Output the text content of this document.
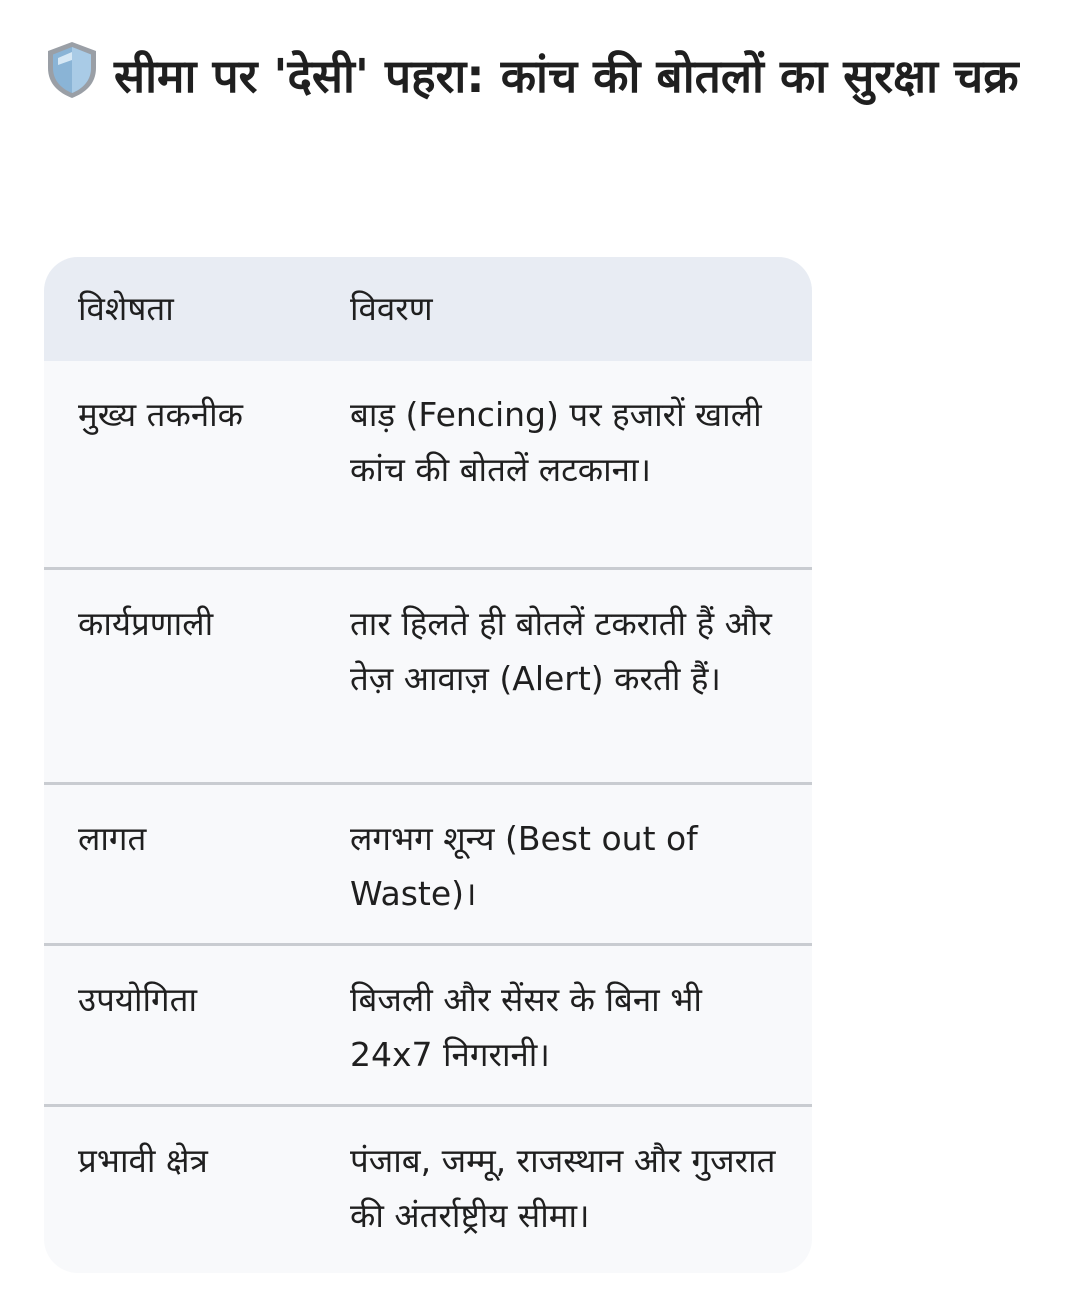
सीमा पर 'देसी' पहरा: कांच की बोतलों का सुरक्षा चक्र
विशेषता	विवरण
मुख्य तकनीक	बाड़ (Fencing) पर हजारों खाली कांच की बोतलें लटकाना।
कार्यप्रणाली	तार हिलते ही बोतलें टकराती हैं और तेज़ आवाज़ (Alert) करती हैं।
लागत	लगभग शून्य (Best out of Waste)।
उपयोगिता	बिजली और सेंसर के बिना भी 24x7 निगरानी।
प्रभावी क्षेत्र	पंजाब, जम्मू, राजस्थान और गुजरात की अंतर्राष्ट्रीय सीमा।
